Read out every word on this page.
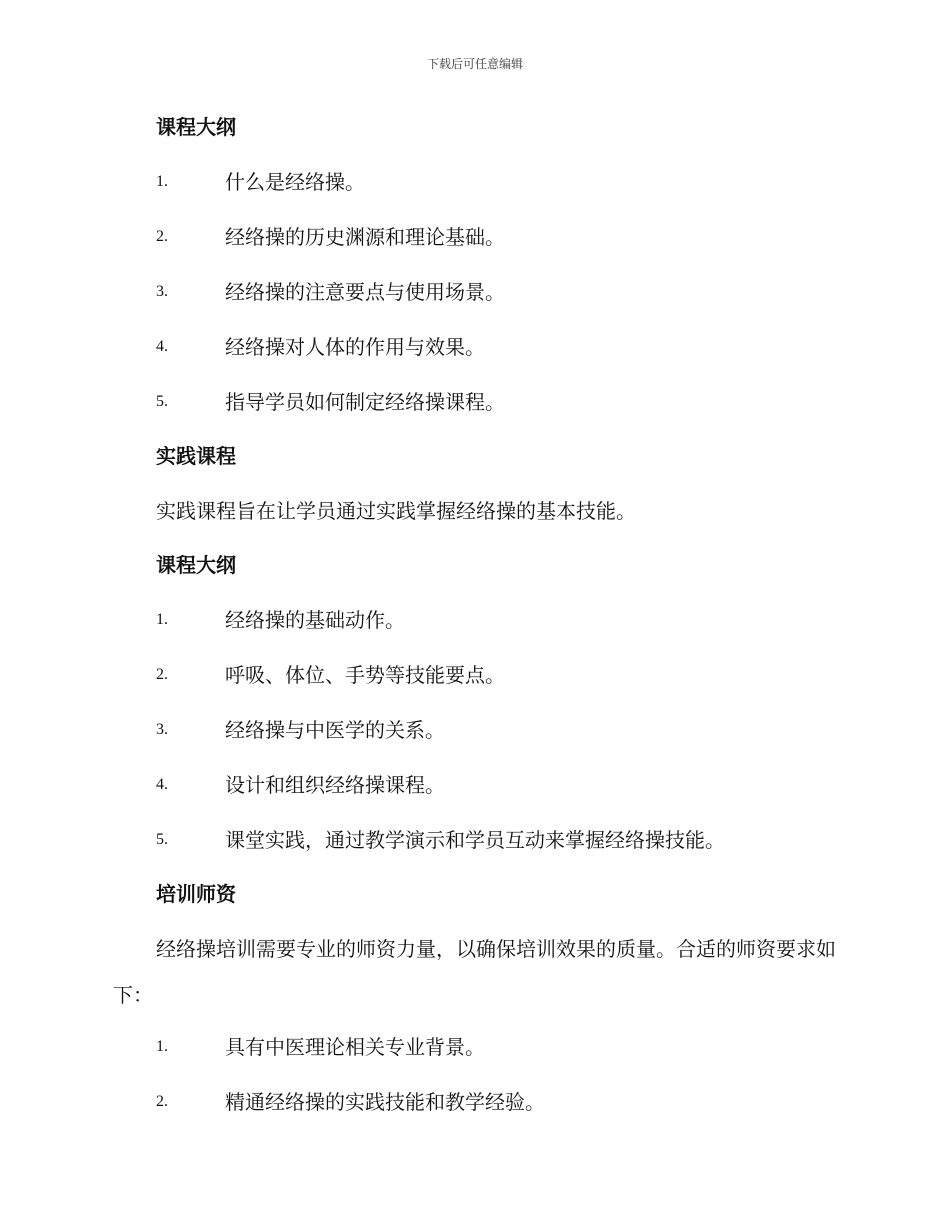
下载后可任意编辑
课程大纲
1.	什么是经络操。
2.	经络操的历史渊源和理论基础。
3.	经络操的注意要点与使用场景。
4.	经络操对人体的作用与效果。
5.	指导学员如何制定经络操课程。
实践课程
实践课程旨在让学员通过实践掌握经络操的基本技能。
课程大纲
1.	经络操的基础动作。
2.	呼吸、体位、手势等技能要点。
3.	经络操与中医学的关系。
4.	设计和组织经络操课程。
5.	课堂实践，通过教学演示和学员互动来掌握经络操技能。
培训师资
经络操培训需要专业的师资力量，以确保培训效果的质量。合适的师资要求如下：
1.	具有中医理论相关专业背景。
2.	精通经络操的实践技能和教学经验。
